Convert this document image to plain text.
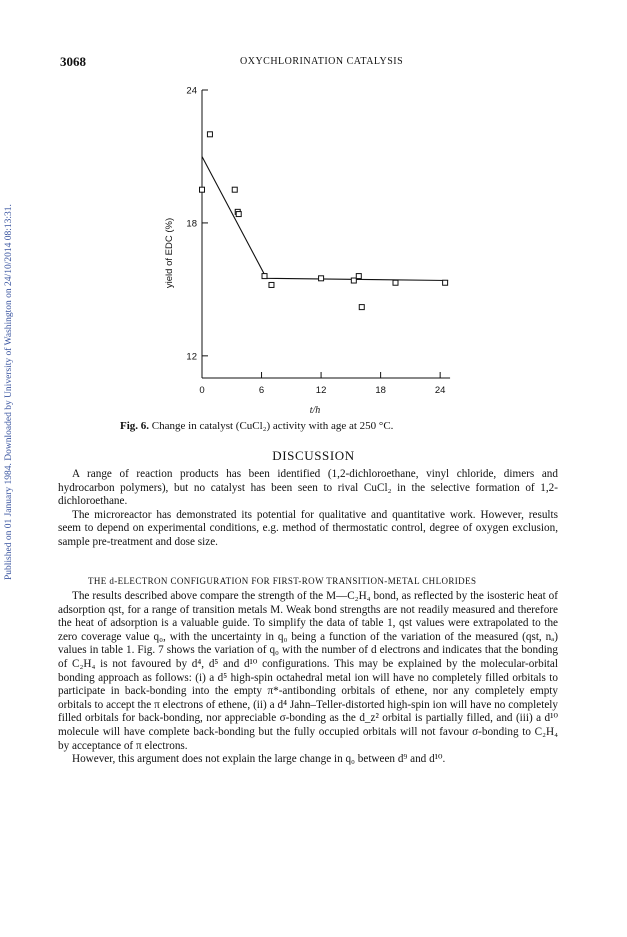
Published on 01 January 1984. Downloaded by University of Washington on 24/10/2014 08:13:31.
3068	OXYCHLORINATION CATALYSIS
0	6	12	18	24
12
18
24
yield of EDC (%)
t/h
Fig. 6. Change in catalyst (CuCl₂) activity with age at 250 °C.
DISCUSSION

A range of reaction products has been identified (1,2-dichloroethane, vinyl chloride, dimers and hydrocarbon polymers), but no catalyst has been seen to rival CuCl₂ in the selective formation of 1,2-dichloroethane.

The microreactor has demonstrated its potential for qualitative and quantitative work. However, results seem to depend on experimental conditions, e.g. method of thermostatic control, degree of oxygen exclusion, sample pre-treatment and dose size.

THE d-ELECTRON CONFIGURATION FOR FIRST-ROW TRANSITION-METAL CHLORIDES

The results described above compare the strength of the M—C₂H₄ bond, as reflected by the isosteric heat of adsorption qst, for a range of transition metals M. Weak bond strengths are not readily measured and therefore the heat of adsorption is a valuable guide. To simplify the data of table 1, qst values were extrapolated to the zero coverage value q₀, with the uncertainty in q₀ being a function of the variation of the measured (qst, nₐ) values in table 1. Fig. 7 shows the variation of q₀ with the number of d electrons and indicates that the bonding of C₂H₄ is not favoured by d⁴, d⁵ and d¹⁰ configurations. This may be explained by the molecular-orbital bonding approach as follows: (i) a d⁵ high-spin octahedral metal ion will have no completely filled orbitals to participate in back-bonding into the empty π*-antibonding orbitals of ethene, nor any completely empty orbitals to accept the π electrons of ethene, (ii) a d⁴ Jahn–Teller-distorted high-spin ion will have no completely filled orbitals for back-bonding, nor appreciable σ-bonding as the d_z² orbital is partially filled, and (iii) a d¹⁰ molecule will have complete back-bonding but the fully occupied orbitals will not favour σ-bonding to C₂H₄ by acceptance of π electrons.

However, this argument does not explain the large change in q₀ between d⁹ and d¹⁰.
